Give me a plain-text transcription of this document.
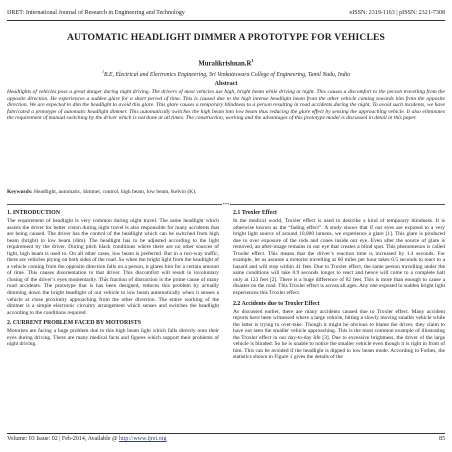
IJRET: International Journal of Research in Engineering and Technology	eISSN: 2319-1163 | pISSN: 2321-7308
AUTOMATIC HEADLIGHT DIMMER A PROTOTYPE FOR VEHICLES
$Muralikrishnan.R^1$
$^1$B.E, Electrical and Electronics Engineering, Sri Venkateswara College of Engineering, Tamil Nadu, India
Abstract

Headlights of vehicles pose a great danger during night driving. The drivers of most vehicles use high, bright beam while driving at night. This causes a discomfort to the person travelling from the opposite direction. He experiences a sudden glare for a short period of time. This is caused due to the high intense headlight beam from the other vehicle coming towards him from the opposite direction. We are expected to dim the headlight to avoid this glare. This glare causes a temporary blindness to a person resulting in road accidents during the night. To avoid such incidents, we have fabricated a prototype of automatic headlight dimmer. This automatically switches the high beam into low beam thus reducing the glare effect by sensing the approaching vehicle. It also eliminates the requirement of manual switching by the driver which is not done at all times. The construction, working and the advantages of this prototype model is discussed in detail in this paper.

Keywords: Headlight, automatic, dimmer, control, high beam, low beam, Kelvin (K).

***
1. INTRODUCTION

The requirement of headlight is very common during night travel. The same headlight which assists the driver for better vision during night travel is also responsible for many accidents that are being caused. The driver has the control of the headlight which can be switched from high beam (bright) to low beam (dim). The headlight has to be adjusted according to the light requirement by the driver. During pitch black conditions where there are no other sources of light, high beam is used to. On all other cases, low beam is preferred. But in a two-way traffic, there are vehicles plying on both sides of the road. So when the bright light from the headlight of a vehicle coming from the opposite direction falls on a person, it glares him for a certain amount of time. This causes disorientation to that driver. This discomfort will result in involuntary closing of the driver’s eyes momentarily. This fraction of distraction is the prime cause of many road accidents. The prototype that is has been designed, reduces this problem by actually dimming down the bright headlight of our vehicle to low beam automatically when it senses a vehicle at close proximity approaching from the other direction. The entire working of the dimmer is a simple electronic circuitry arrangement which senses and switches the headlight according to the conditions required.

2. CURRENT PROBLEM FACED BY MOTORISTS

Motorists are facing a huge problem due to this high beam light which falls directly onto their eyes during driving. There are many medical facts and figures which support their problems of night driving.

2.1 Troxler Effect

In the medical world, Troxler effect is used to describe a kind of temporary blindness. It is otherwise known as the “fading effect”. A study shows that if our eyes are exposed to a very bright light source of around 10,000 lumens, we experience a glare [1]. This glare is produced due to over exposure of the rods and cones inside our eye. Even after the source of glare is removed, an after-image remains in our eye that creates a blind spot. This phenomenon is called Troxler effect. This means that the driver’s reaction time is increased by 1.4 seconds. For example, let us assume a motorist travelling at 60 miles per hour takes 0.5 seconds to react to a hazard and will stop within 41 feet. Due to Troxler effect, the same person travelling under the same conditions will take 0.9 seconds longer to react and hence will come to a complete halt only at 123 feet [2]. There is a huge difference of 82 feet. This is more than enough to cause a disaster on the road. This Troxler effect is across all ages. Any one exposed to sudden bright light experiences this Troxler effect.

2.2 Accidents due to Troxler Effect

As discussed earlier, there are many accidents caused due to Troxler effect. Many accident reports have been witnessed where a large vehicle, hitting a slowly moving smaller vehicle while the latter is trying to over-take. Though it might be obvious to blame the driver, they claim to have not seen the smaller vehicle approaching. This is the most common example of illustrating the Troxler effect in our day-to-day life [3]. Due to excessive brightness, the driver of the large vehicle is blinded. So he is unable to notice the smaller vehicle even though it is right in front of him. This can be avoided if the headlight is dipped to low beam mode. According to Forbes, the statistics shown in Figure 1 gives the details of the

Volume: 03 Issue: 02 | Feb-2014, Available @ http://www.ijret.org	85
